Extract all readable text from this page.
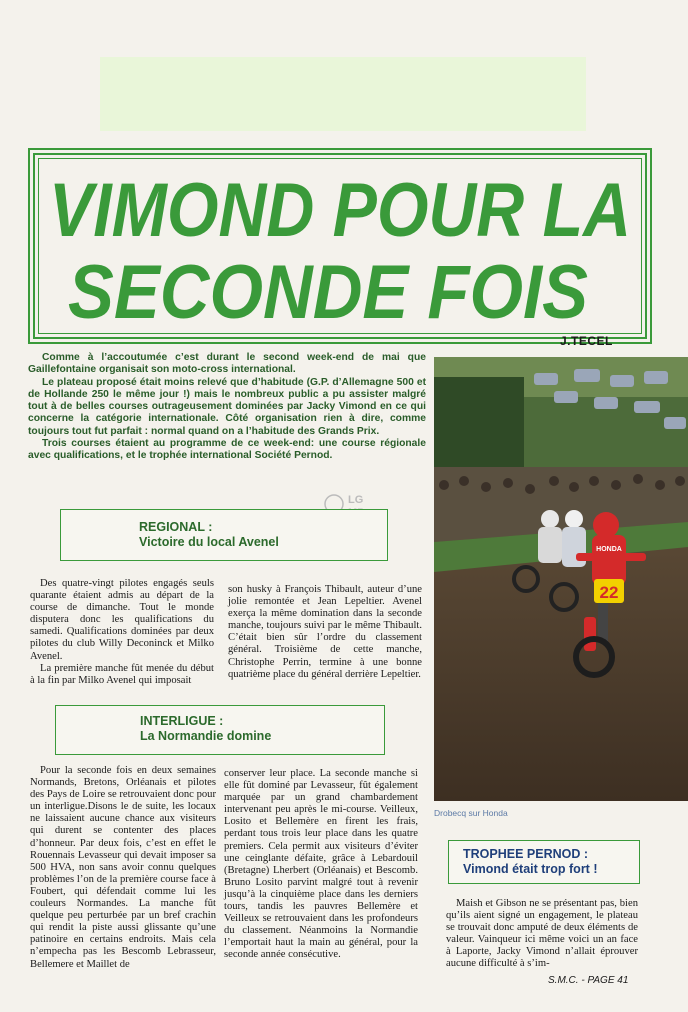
VIMOND POUR LA
SECONDE FOIS
J.TECEL

Comme à l’accoutumée c’est durant le second week-end de mai que Gaillefontaine organisait son moto-cross international.

Le plateau proposé était moins relevé que d’habitude (G.P. d’Allemagne 500 et de Hollande 250 le même jour !) mais le nombreux public a pu assister malgré tout à de belles courses outrageusement dominées par Jacky Vimond en ce qui concerne la catégorie internationale. Côté organisation rien à dire, comme toujours tout fut parfait : normal quand on a l’habitude des Grands Prix.

Trois courses étaient au programme de ce week-end: une course régionale avec qualifications, et le trophée international Société Pernod.

LG
REGIONAL :
Victoire du local Avenel

Des quatre-vingt pilotes engagés seuls quarante étaient admis au départ de la course de dimanche. Tout le monde disputera donc les qualifications du samedi. Qualifications dominées par deux pilotes du club Willy Deconinck et Milko Avenel.

La première manche fût menée du début à la fin par Milko Avenel qui imposait

son husky à François Thibault, auteur d’une jolie remontée et Jean Lepeltier. Avenel exerça la même domination dans la seconde manche, toujours suivi par le même Thibault. C’était bien sûr l’ordre du classement général. Troisième de cette manche, Christophe Perrin, termine à une bonne quatrième place du général derrière Lepeltier.

INTERLIGUE :
La Normandie domine

Pour la seconde fois en deux semaines Normands, Bretons, Orléanais et pilotes des Pays de Loire se retrouvaient donc pour un interligue.Disons le de suite, les locaux ne laissaient aucune chance aux visiteurs qui durent se contenter des places d’honneur. Par deux fois, c’est en effet le Rouennais Levasseur qui devait imposer sa 500 HVA, non sans avoir connu quelques problèmes l’on de la première course face à Foubert, qui défendait comme lui les couleurs Normandes. La manche fût quelque peu perturbée par un bref crachin qui rendit la piste aussi glissante qu’une patinoire en certains endroits. Mais cela n’empecha pas les Bescomb Lebrasseur, Bellemere et Maillet de

conserver leur place. La seconde manche si elle fût dominé par Levasseur, fût également marquée par un grand chambardement intervenant peu après le mi-course. Veilleux, Losito et Bellemère en firent les frais, perdant tous trois leur place dans les quatre premiers. Cela permit aux visiteurs d’éviter une ceinglante défaite, grâce à Lebardouil (Bretagne) Lherbert (Orléanais) et Bescomb. Bruno Losito parvint malgré tout à revenir jusqu’à la cinquième place dans les derniers tours, tandis les pauvres Bellemère et Veilleux se retrouvaient dans les profondeurs du classement. Néanmoins la Normandie l’emportait haut la main au général, pour la seconde année consécutive.

HONDA
22
Drobecq sur Honda
TROPHEE PERNOD :
Vimond était trop fort !

Maish et Gibson ne se présentant pas, bien qu’ils aient signé un engagement, le plateau se trouvait donc amputé de deux éléments de valeur. Vainqueur ici même voici un an face à Laporte, Jacky Vimond n’allait éprouver aucune difficulté à s’im-

S.M.C. - PAGE 41
